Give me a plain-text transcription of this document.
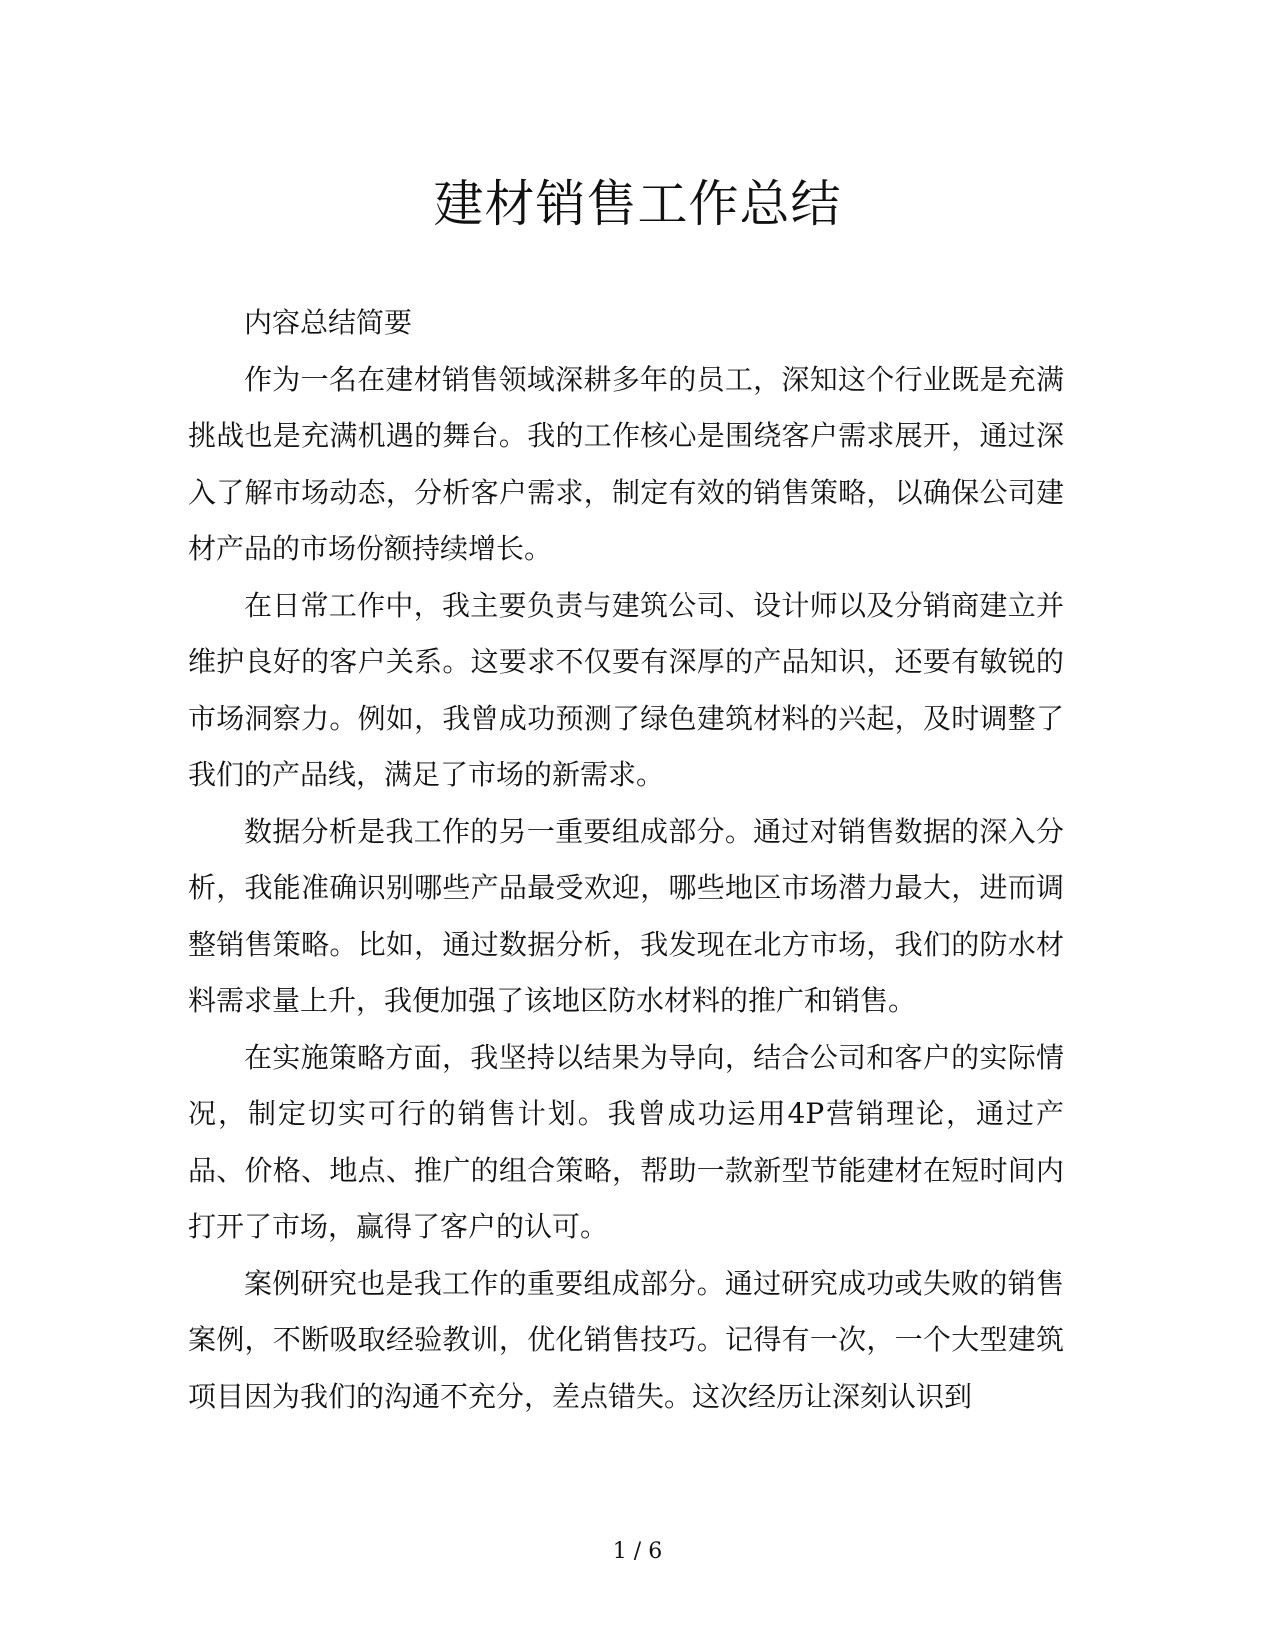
建材销售工作总结

内容总结简要

作为一名在建材销售领域深耕多年的员工，深知这个行业既是充满挑战也是充满机遇的舞台。我的工作核心是围绕客户需求展开，通过深入了解市场动态，分析客户需求，制定有效的销售策略，以确保公司建材产品的市场份额持续增长。

在日常工作中，我主要负责与建筑公司、设计师以及分销商建立并维护良好的客户关系。这要求不仅要有深厚的产品知识，还要有敏锐的市场洞察力。例如，我曾成功预测了绿色建筑材料的兴起，及时调整了我们的产品线，满足了市场的新需求。

数据分析是我工作的另一重要组成部分。通过对销售数据的深入分析，我能准确识别哪些产品最受欢迎，哪些地区市场潜力最大，进而调整销售策略。比如，通过数据分析，我发现在北方市场，我们的防水材料需求量上升，我便加强了该地区防水材料的推广和销售。

在实施策略方面，我坚持以结果为导向，结合公司和客户的实际情况，制定切实可行的销售计划。我曾成功运用4P营销理论，通过产品、价格、地点、推广的组合策略，帮助一款新型节能建材在短时间内打开了市场，赢得了客户的认可。

案例研究也是我工作的重要组成部分。通过研究成功或失败的销售案例，不断吸取经验教训，优化销售技巧。记得有一次，一个大型建筑项目因为我们的沟通不充分，差点错失。这次经历让深刻认识到

1 / 6
